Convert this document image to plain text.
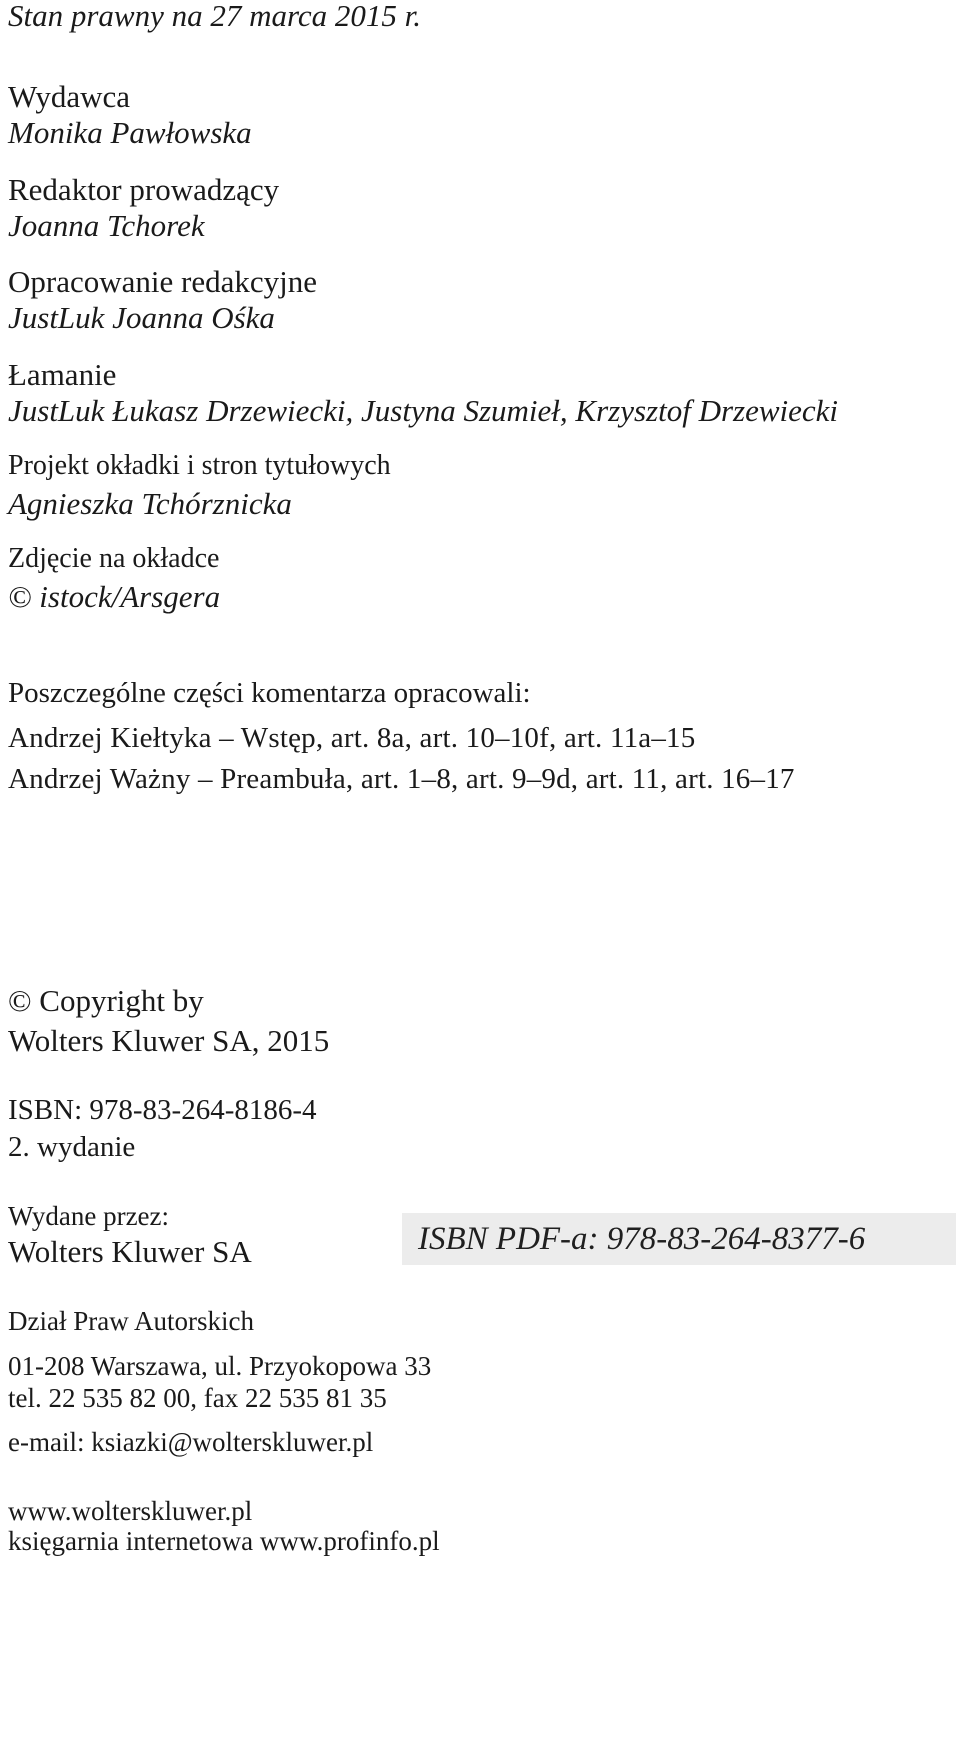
Stan prawny na 27 marca 2015 r.
Wydawca
Monika Pawłowska
Redaktor prowadzący
Joanna Tchorek
Opracowanie redakcyjne
JustLuk Joanna Ośka
Łamanie
JustLuk Łukasz Drzewiecki, Justyna Szumieł, Krzysztof Drzewiecki
Projekt okładki i stron tytułowych
Agnieszka Tchórznicka
Zdjęcie na okładce
© istock/Arsgera
Poszczególne części komentarza opracowali:
Andrzej Kiełtyka – Wstęp, art. 8a, art. 10–10f, art. 11a–15
Andrzej Ważny – Preambuła, art. 1–8, art. 9–9d, art. 11, art. 16–17
© Copyright by
Wolters Kluwer SA, 2015
ISBN: 978-83-264-8186-4
ISBN PDF-a: 978-83-264-8377-6
2. wydanie
Wydane przez:
Wolters Kluwer SA
Dział Praw Autorskich
01-208 Warszawa, ul. Przyokopowa 33
tel. 22 535 82 00, fax 22 535 81 35
e-mail: ksiazki@wolterskluwer.pl
www.wolterskluwer.pl
księgarnia internetowa www.profinfo.pl
